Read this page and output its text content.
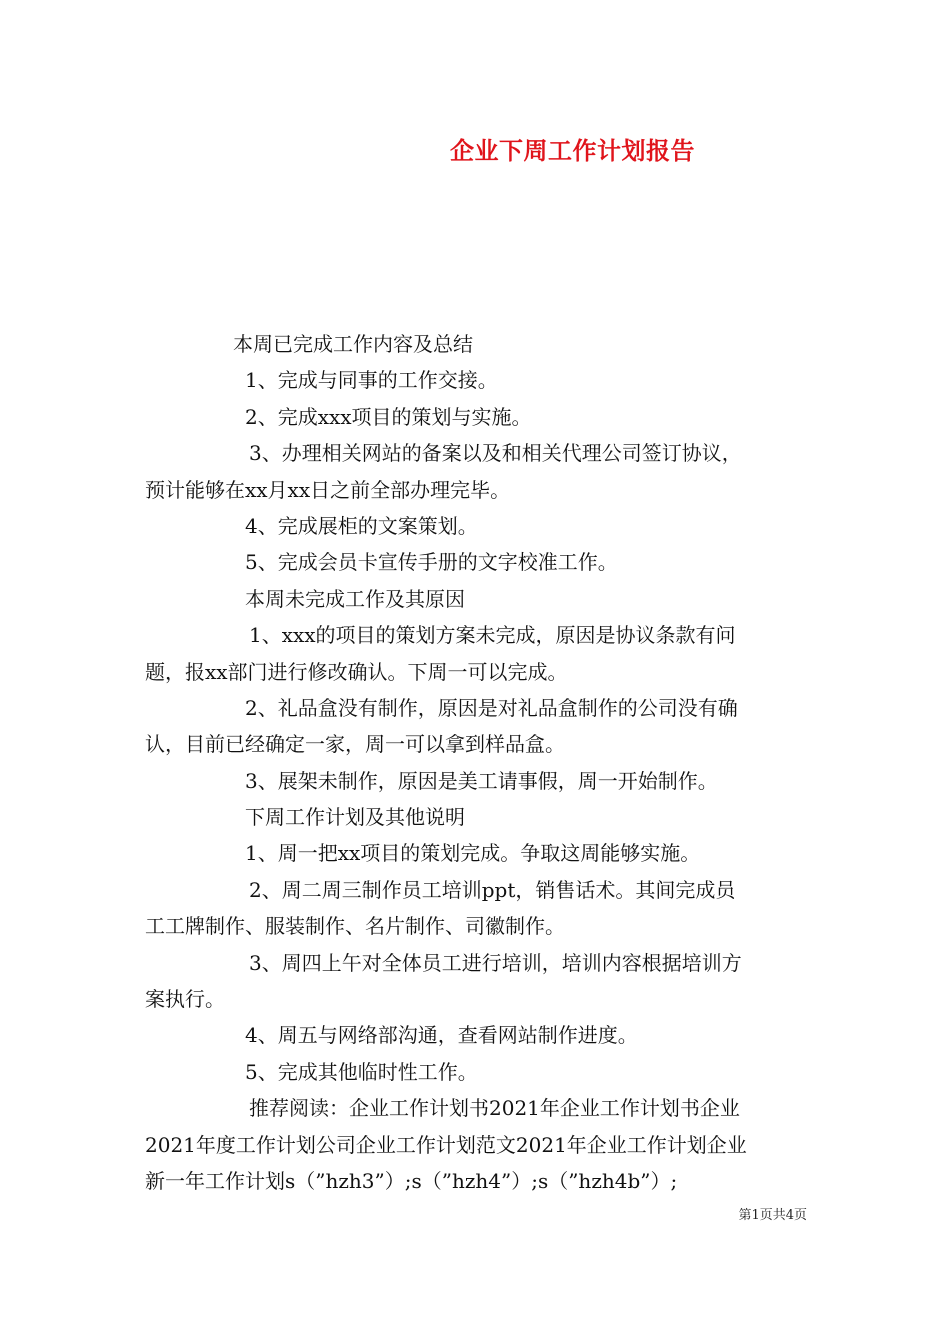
企业下周工作计划报告
本周已完成工作内容及总结
1、完成与同事的工作交接。
2、完成xxx项目的策划与实施。
3、办理相关网站的备案以及和相关代理公司签订协议，
预计能够在xx月xx日之前全部办理完毕。
4、完成展柜的文案策划。
5、完成会员卡宣传手册的文字校准工作。
本周未完成工作及其原因
1、xxx的项目的策划方案未完成，原因是协议条款有问
题，报xx部门进行修改确认。下周一可以完成。
2、礼品盒没有制作，原因是对礼品盒制作的公司没有确
认，目前已经确定一家，周一可以拿到样品盒。
3、展架未制作，原因是美工请事假，周一开始制作。
下周工作计划及其他说明
1、周一把xx项目的策划完成。争取这周能够实施。
2、周二周三制作员工培训ppt，销售话术。其间完成员
工工牌制作、服装制作、名片制作、司徽制作。
3、周四上午对全体员工进行培训，培训内容根据培训方
案执行。
4、周五与网络部沟通，查看网站制作进度。
5、完成其他临时性工作。
推荐阅读：企业工作计划书2021年企业工作计划书企业
2021年度工作计划公司企业工作计划范文2021年企业工作计划企业
新一年工作计划s（”hzh3”）;s（”hzh4”）;s（”hzh4b”）;
第1页共4页
